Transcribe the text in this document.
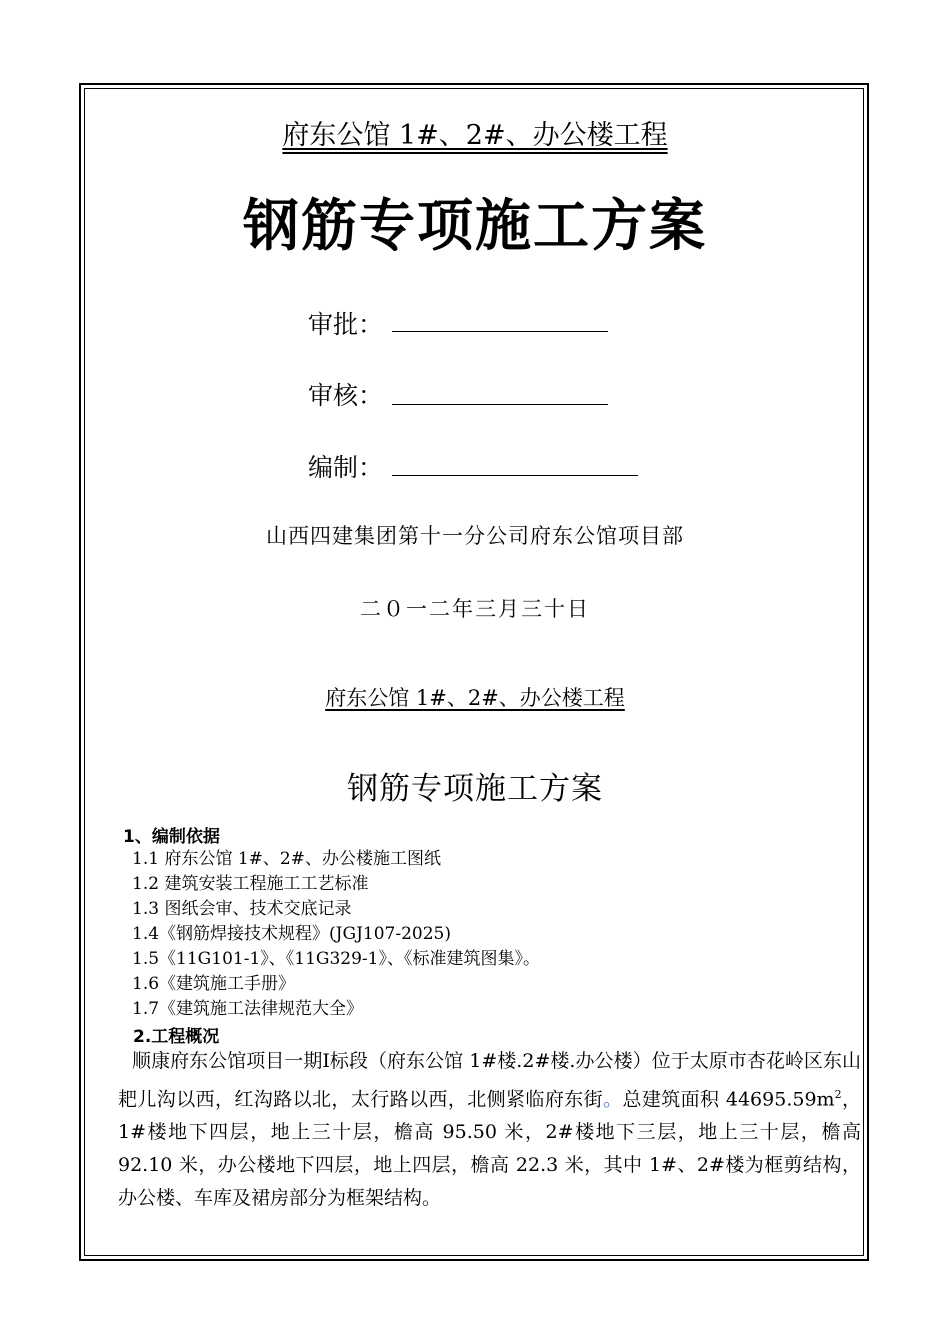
府东公馆 1#、2#、办公楼工程
钢筋专项施工方案
审批：
审核：
编制：
山西四建集团第十一分公司府东公馆项目部
二０一二年三月三十日
府东公馆 1#、2#、办公楼工程
钢筋专项施工方案
1、编制依据
1.1 府东公馆 1#、2#、办公楼施工图纸
1.2 建筑安装工程施工工艺标准
1.3 图纸会审、技术交底记录
1.4《钢筋焊接技术规程》(JGJ107-2025)
1.5《11G101-1》、《11G329-1》、《标准建筑图集》。
1.6《建筑施工手册》
1.7《建筑施工法律规范大全》
2.工程概况
顺康府东公馆项目一期Ⅰ标段（府东公馆 1#楼.2#楼.办公楼）位于太原市杏花岭区东山耙儿沟以西，红沟路以北，太行路以西，北侧紧临府东街。总建筑面积 $44695.59m^2$，1#楼地下四层，地上三十层，檐高 95.50 米，2#楼地下三层，地上三十层，檐高 92.10 米，办公楼地下四层，地上四层，檐高 22.3 米，其中 1#、2#楼为框剪结构，办公楼、车库及裙房部分为框架结构。
